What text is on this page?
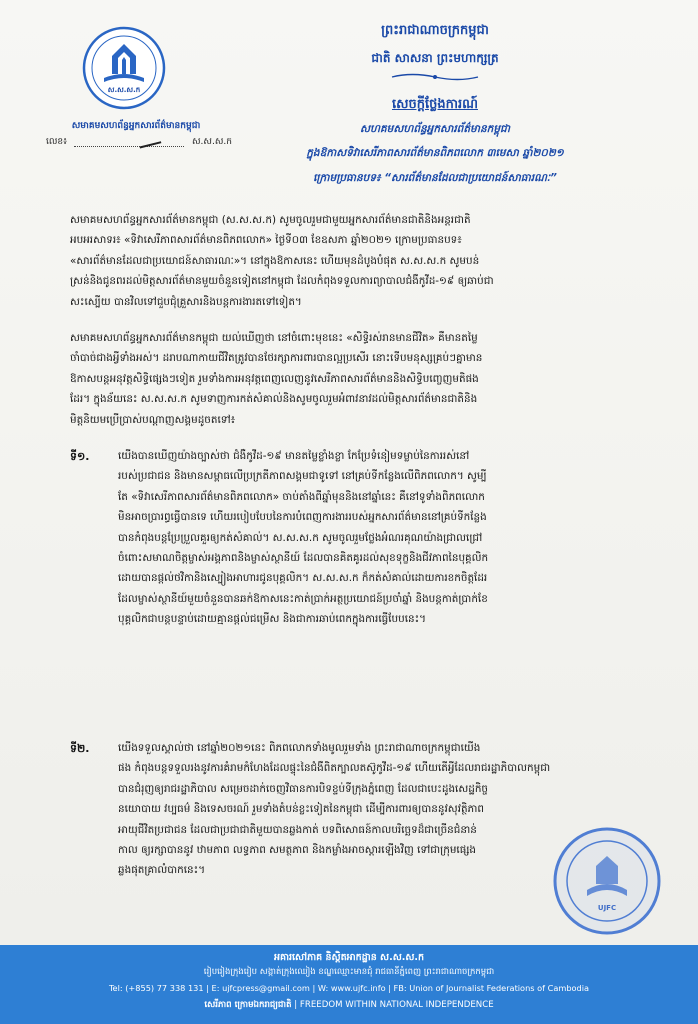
ស.ស.ស.ក
សមាគមសហព័ន្ធអ្នកសារព័ត៌មានកម្ពុជា
លេខ៖	ស.ស.ស.ក
ព្រះរាជាណាចក្រកម្ពុជា
ជាតិ សាសនា ព្រះមហាក្សត្រ
សេចក្តីថ្លែងការណ៍
សហគមសហព័ន្ធអ្នកសារព័ត៌មានកម្ពុជា
ក្នុងឱកាសទិវាសេរីភាពសារព័ត៌មានពិភពលោក ៣មេសា ឆ្នាំ២០២១
ក្រោមប្រធានបទ៖ “សារព័ត៌មានដែលជាប្រយោជន៍សាធារណៈ”
សមាគមសហព័ន្ធអ្នកសារព័ត៌មានកម្ពុជា (ស.ស.ស.ក) សូមចូលរួមជាមួយអ្នកសារព័ត៌មានជាតិនិងអន្តរជាតិ
អបអរសាទរ៖ «ទិវាសេរីភាពសារព័ត៌មានពិភពលោក» ថ្ងៃទី០៣ ខែឧសភា ឆ្នាំ២០២១ ក្រោមប្រធានបទ៖
«សារព័ត៌មានដែលជាប្រយោជន៍សាធារណៈ»។ នៅក្នុងឱកាសនេះ ហើយមុនដំបូងបំផុត ស.ស.ស.ក សូមបន់
ស្រន់និងជូនពរដល់មិត្តសារព័ត៌មានមួយចំនួនទៀតនៅកម្ពុជា ដែលកំពុងទទួលការព្យាបាលជំងឺកូវីដ-១៩ ឲ្យឆាប់ជា
សះស្បើយ បានវិលទៅជួបជុំគ្រួសារនិងបន្តការងារតទៅទៀត។
សមាគមសហព័ន្ធអ្នកសារព័ត៌មានកម្ពុជា យល់ឃើញថា នៅចំពោះមុខនេះ «សិទ្ធិរស់រានមានជីវិត» គឺមានតម្លៃ
ចាំបាច់ជាងអ្វីទាំងអស់។ ដរាបណាកាយជីវិតត្រូវបានថែរក្សាការពារបានល្អប្រសើរ នោះទើបមនុស្សគ្រប់ៗគ្នាមាន
ឱកាសបន្តអនុវត្តសិទ្ធិផ្សេងៗទៀត រួមទាំងការអនុវត្តពេញលេញនូវសេរីភាពសារព័ត៌មាននិងសិទ្ធិបញ្ចេញមតិផង
ដែរ។ ក្នុងន័យនេះ ស.ស.ស.ក សូមទាញការកត់សំគាល់និងសូមចូលរួមអំពាវនាវដល់មិត្តសារព័ត៌មានជាតិនិង
មិត្តនិយមប្រើប្រាស់បណ្តាញសង្គមដូចតទៅ៖
ទី១.	យើងបានឃើញយ៉ាងច្បាស់ថា ជំងឺកូវីដ-១៩ មានតម្លៃខ្លាំងខ្លា កែប្រែទំនៀមទម្លាប់នៃការរស់នៅ
របស់ប្រជាជន និងមានសម្ពាធលើប្រក្រតីភាពសង្គមជាទូទៅ នៅគ្រប់ទីកន្លែងលើពិភពលោក។ សូម្បី
តែ «ទិវាសេរីភាពសារព័ត៌មានពិភពលោក» ចាប់តាំងពីឆ្នាំមុននិងនៅឆ្នាំនេះ គឺនៅទូទាំងពិភពលោក
មិនអាចប្រារព្ធធ្វើបានទេ ហើយរបៀបបែបនៃការបំពេញការងាររបស់អ្នកសារព័ត៌មាននៅគ្រប់ទីកន្លែង
បានកំពុងបន្តប្រែប្រួលគួរឲ្យកត់សំគាល់។ ស.ស.ស.ក សូមចូលរួមថ្លែងអំណរគុណយ៉ាងជ្រាលជ្រៅ
ចំពោះសមាណចិត្តម្ចាស់អង្គភាពនិងម្ចាស់ស្ថានីយ៍ ដែលបានគិតគូរដល់សុខទុក្ខនិងជីវភាពនៃបុគ្គលិក
ដោយបានផ្តល់ថវិកានិងស្បៀងអាហារជូនបុគ្គលិក។ ស.ស.ស.ក ក៏កត់សំគាល់ដោយការខកចិត្តដែរ
ដែលម្ចាស់ស្ថានីយ៍មួយចំនួនបានឆក់ឱកាសនេះកាត់ប្រាក់អត្ថប្រយោជន៍ប្រចាំឆ្នាំ និងបន្តកាត់ប្រាក់ខែ
បុគ្គលិកជាបន្តបន្ទាប់ដោយគ្មានផ្តល់ជម្រើស និងជាការឆាប់ពេកក្នុងការធ្វើបែបនេះ។
ទី២.	យើងទទួលស្គាល់ថា នៅឆ្នាំ២០២១នេះ ពិភពលោកទាំងមូលរួមទាំង ព្រះរាជាណាចក្រកម្ពុជាយើង
ផង កំពុងបន្តទទួលរងនូវការគំរាមកំហែងដែលផ្ទុះនៃជំងឺពិតក្បាលតស៊ូកូវីដ-១៩ ហើយតើអ្វីដែលរាជរដ្ឋាភិបាលកម្ពុជា
បានជំរុញឲ្យរាជរដ្ឋាភិបាល សម្រេចដាក់ចេញវិធានការបិទខ្ទប់ទីក្រុងភ្នំពេញ ដែលជាបេះដូងសេដ្ឋកិច្ច
នយោបាយ វប្បធម៌ និងទេសចរណ៍ រួមទាំងតំបន់ខ្លះទៀតនៃកម្ពុជា ដើម្បីការពារឲ្យបាននូវសុវត្ថិភាព
អាយុជីវិតប្រជាជន ដែលជាប្រជាជាតិមួយបានឆ្លងកាត់ បទពិសោធន៍កាលបរិច្ឆេទដ៏ជាច្រើនជំនាន់
កាល ឲ្យរក្សាបាននូវ ឋាមភាព លទ្ធភាព សមត្ថភាព និងកម្លាំងអាចស្តារឡើងវិញ ទៅជាក្រុមផ្សេង
ឆ្លងផុតគ្រាលំបាកនេះ។
UJFC
អគារសៅភាគ និស្តិតអាកដ្ឋាន ស.ស.ស.ក
រៀបរៀងក្រុងរៀប សង្កាត់ក្រុងឈៀង ខណ្ឌឈ្មោះមានជុំ រាជធានីភ្នំពេញ ព្រះរាជាណាចក្រកម្ពុជា
Tel: (+855) 77 338 131 | E: ujfcpress@gmail.com | W: www.ujfc.info | FB: Union of Journalist Federations of Cambodia
សេរីភាព ក្រោមឯករាជ្យជាតិ | FREEDOM WITHIN NATIONAL INDEPENDENCE
